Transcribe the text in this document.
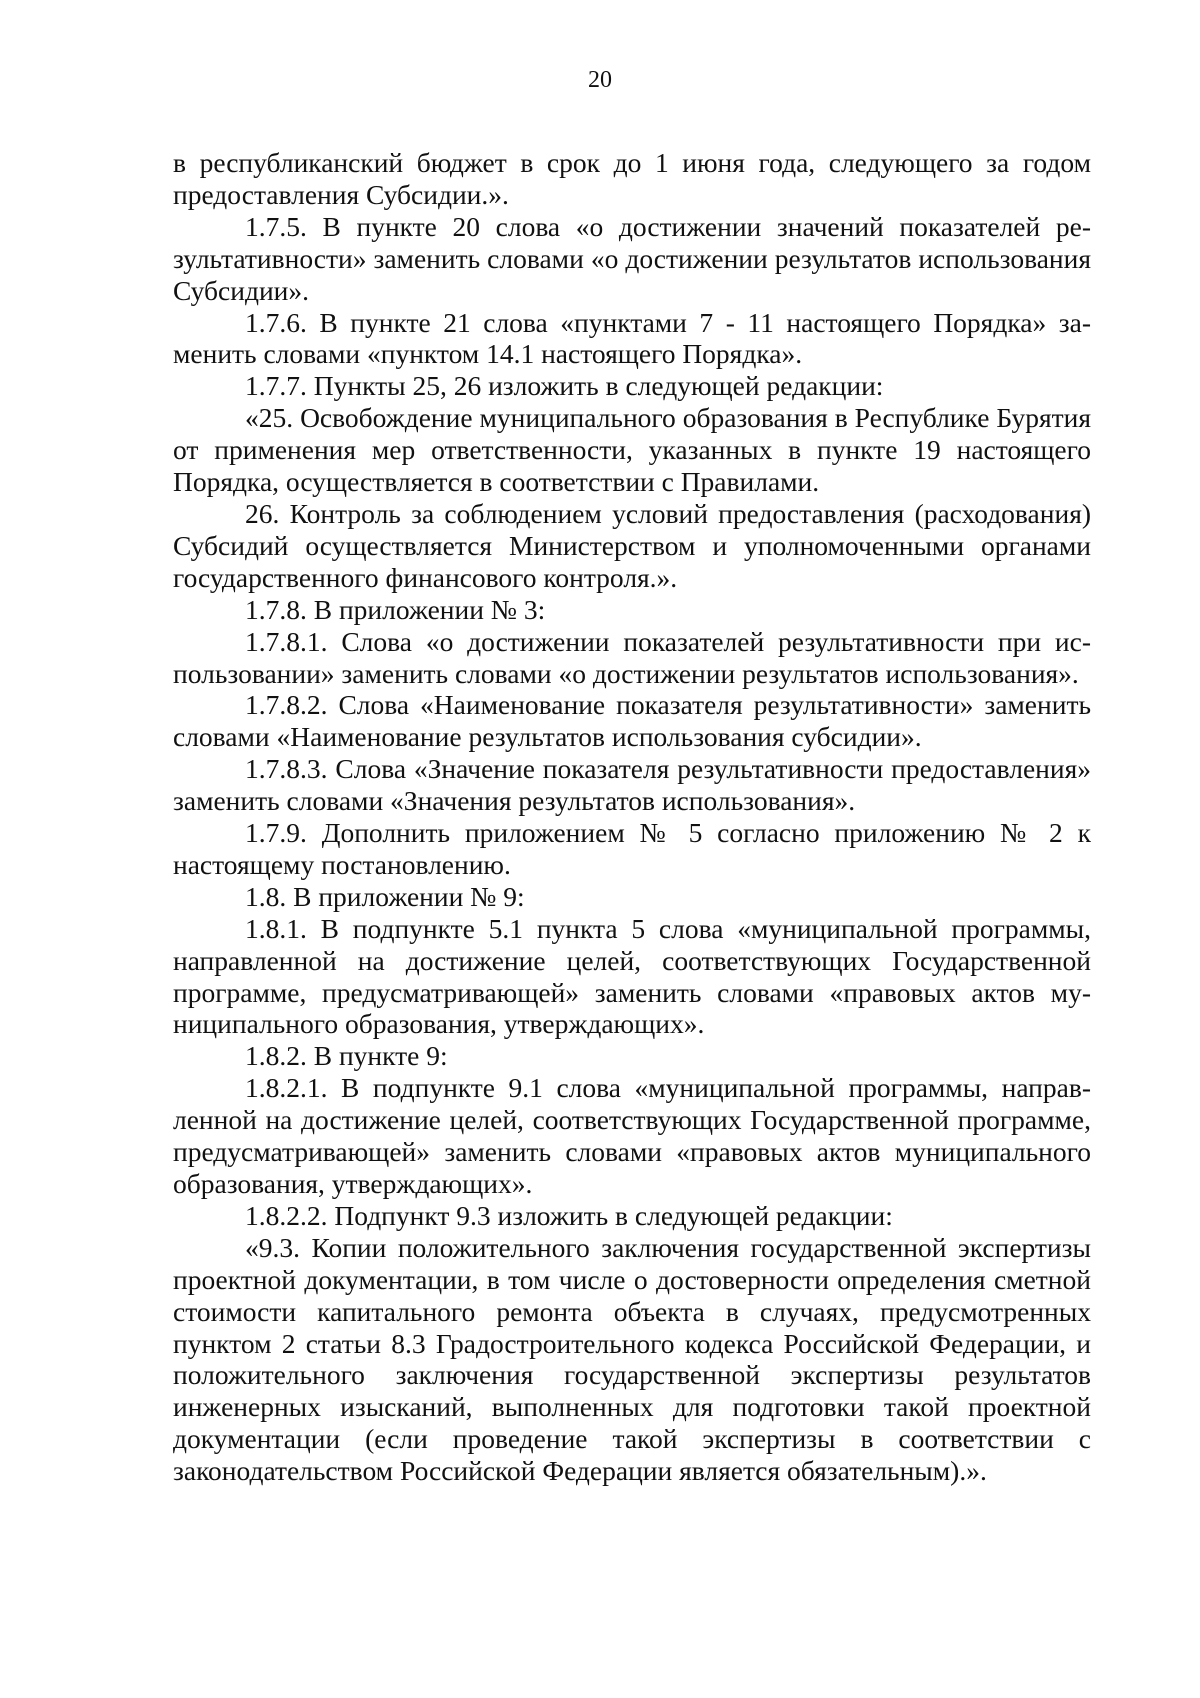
20

в республиканский бюджет в срок до 1 июня года, следующего за годом предоставления Субсидии.».

1.7.5. В пункте 20 слова «о достижении значений показателей результативности» заменить словами «о достижении результатов использования Субсидии».

1.7.6. В пункте 21 слова «пунктами 7 - 11 настоящего Порядка» заменить словами «пунктом 14.1 настоящего Порядка».

1.7.7. Пункты 25, 26 изложить в следующей редакции:

«25. Освобождение муниципального образования в Республике Бурятия от применения мер ответственности, указанных в пункте 19 настоящего Порядка, осуществляется в соответствии с Правилами.

26. Контроль за соблюдением условий предоставления (расходования) Субсидий осуществляется Министерством и уполномоченными органами государственного финансового контроля.».

1.7.8. В приложении № 3:

1.7.8.1. Слова «о достижении показателей результативности при использовании» заменить словами «о достижении результатов использования».

1.7.8.2. Слова «Наименование показателя результативности» заменить словами «Наименование результатов использования субсидии».

1.7.8.3. Слова «Значение показателя результативности предоставления» заменить словами «Значения результатов использования».

1.7.9. Дополнить приложением № 5 согласно приложению № 2 к настоящему постановлению.

1.8. В приложении № 9:

1.8.1. В подпункте 5.1 пункта 5 слова «муниципальной программы, направленной на достижение целей, соответствующих Государственной программе, предусматривающей» заменить словами «правовых актов муниципального образования, утверждающих».

1.8.2. В пункте 9:

1.8.2.1. В подпункте 9.1 слова «муниципальной программы, направленной на достижение целей, соответствующих Государственной программе, предусматривающей» заменить словами «правовых актов муниципального образования, утверждающих».

1.8.2.2. Подпункт 9.3 изложить в следующей редакции:

«9.3. Копии положительного заключения государственной экспертизы проектной документации, в том числе о достоверности определения сметной стоимости капитального ремонта объекта в случаях, предусмотренных пунктом 2 статьи 8.3 Градостроительного кодекса Российской Федерации, и положительного заключения государственной экспертизы результатов инженерных изысканий, выполненных для подготовки такой проектной документации (если проведение такой экспертизы в соответствии с законодательством Российской Федерации является обязательным).».
